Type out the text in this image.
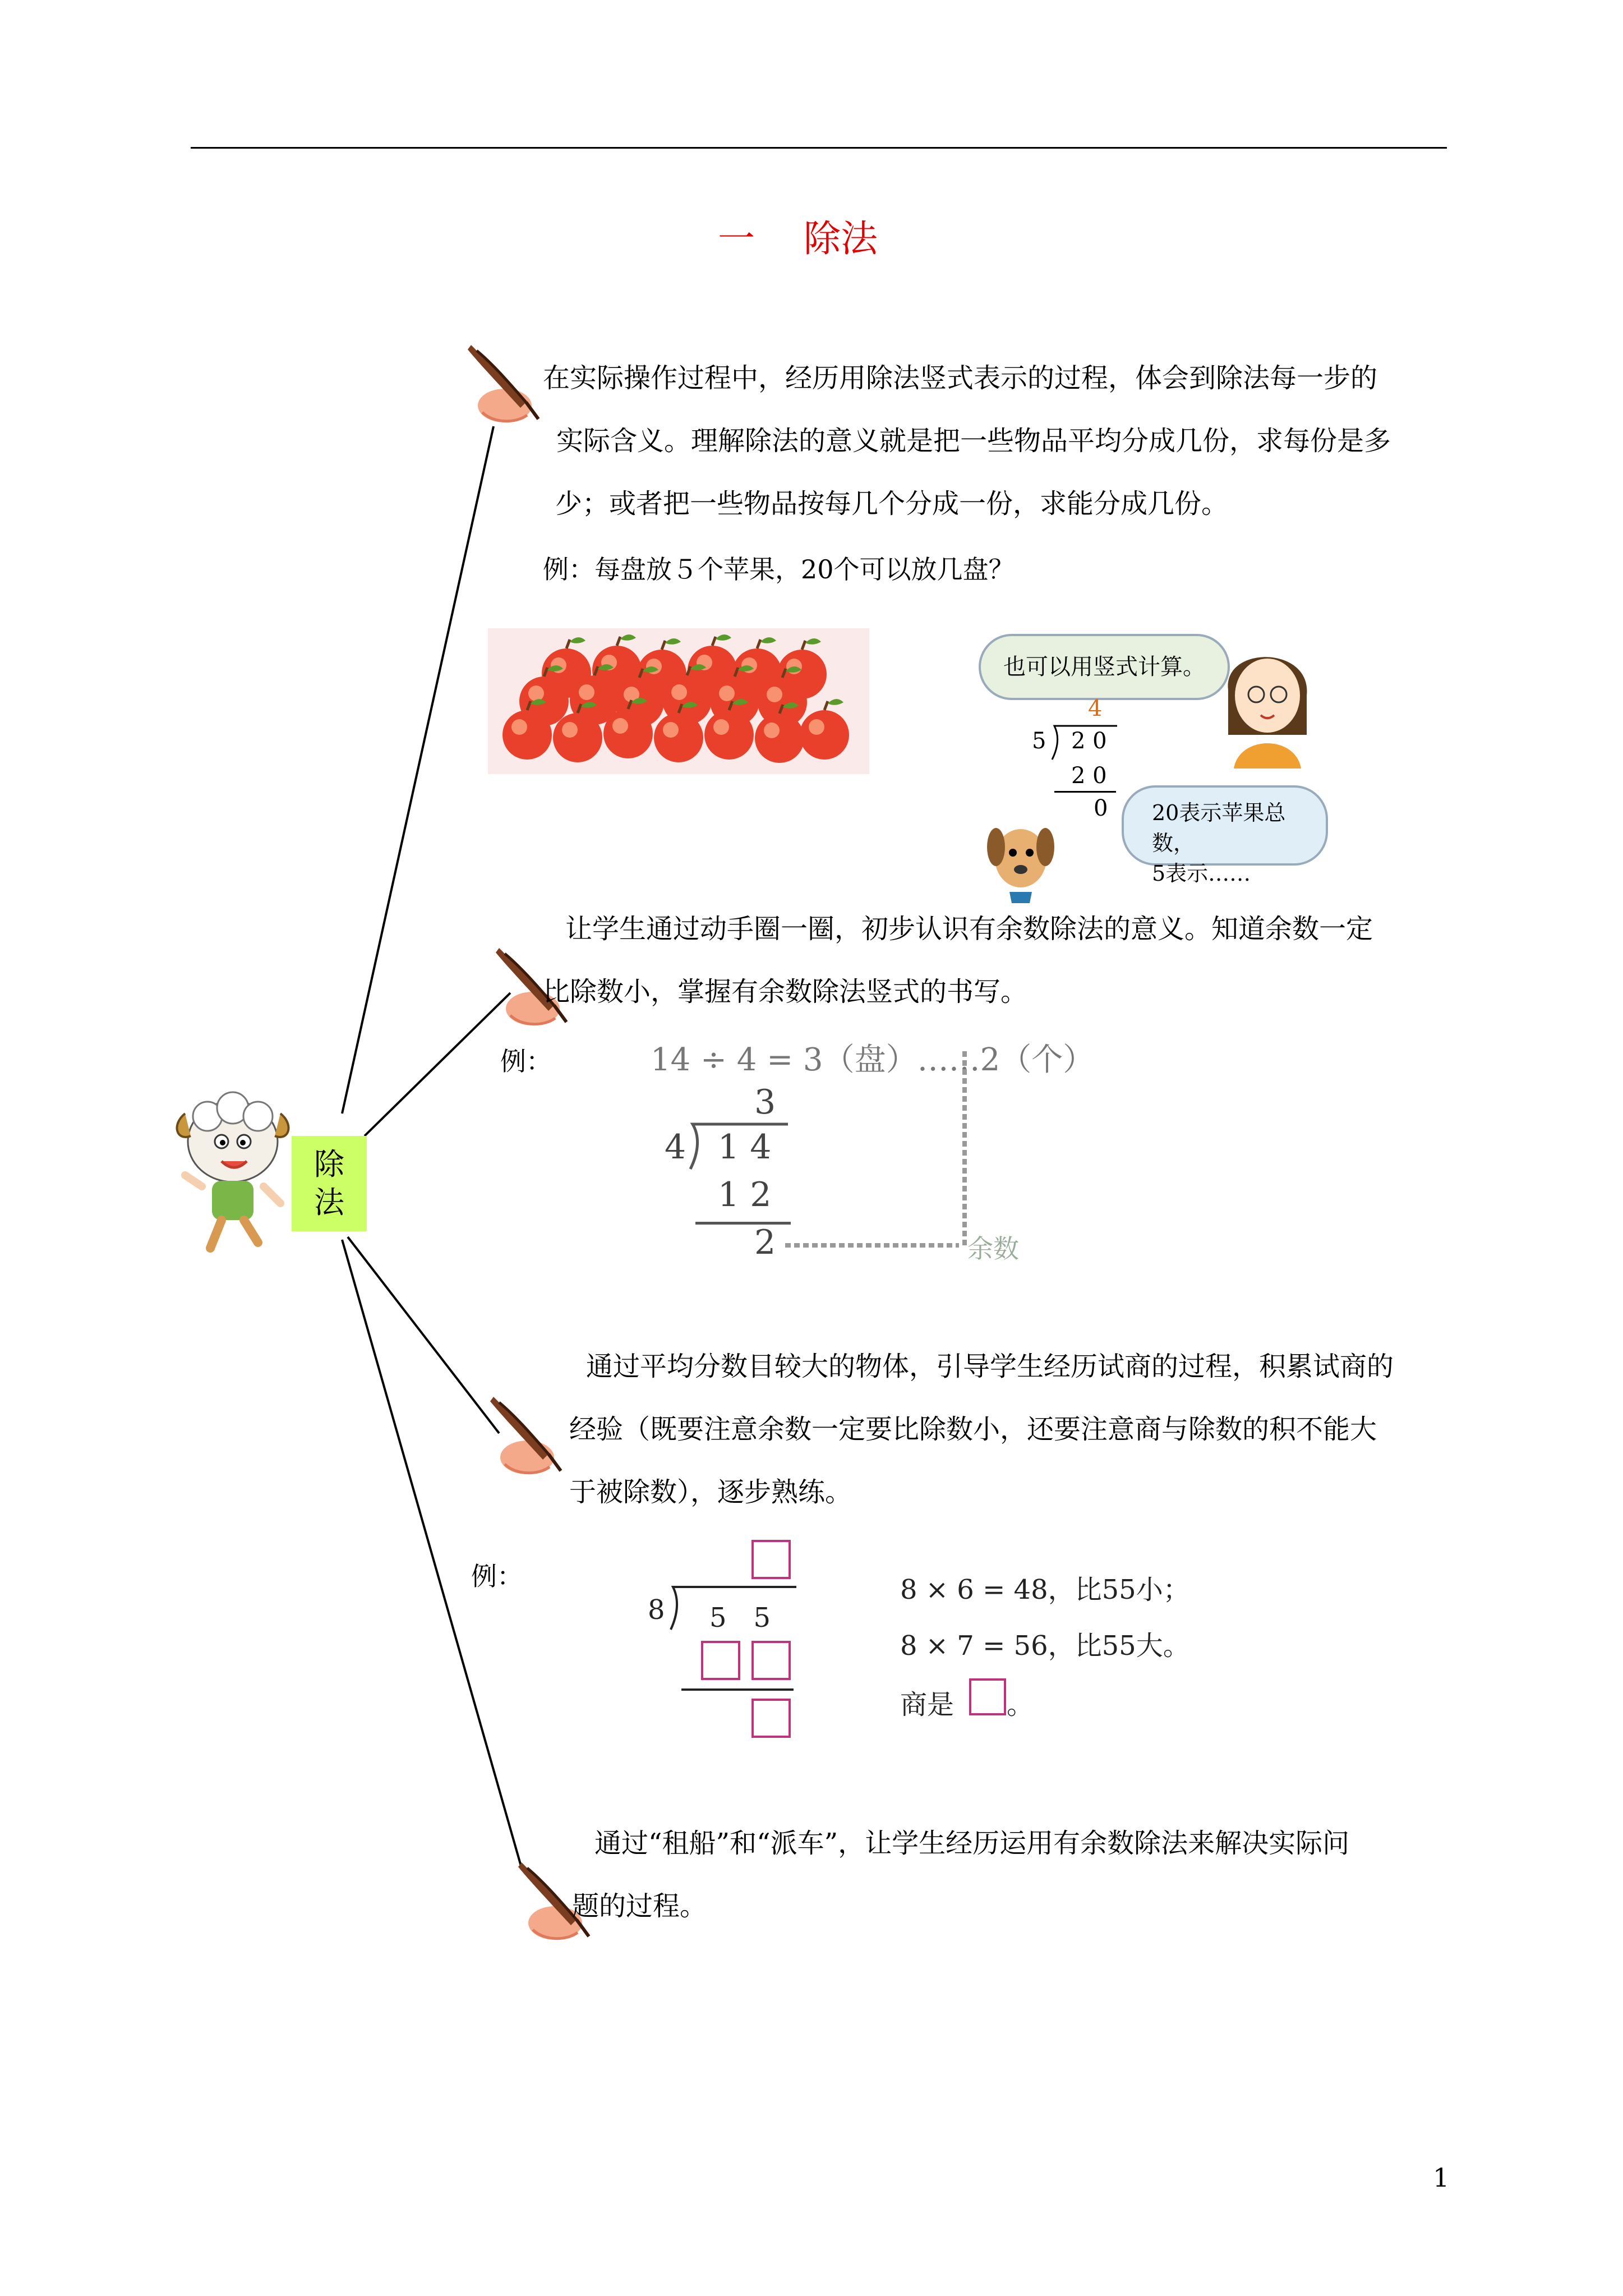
一　 除法
除
法
在实际操作过程中，经历用除法竖式表示的过程，体会到除法每一步的
实际含义。理解除法的意义就是把一些物品平均分成几份，求每份是多
少；或者把一些物品按每几个分成一份，求能分成几份。
例：每盘放５个苹果，20个可以放几盘？
也可以用竖式计算。
4
5 2 0
2 0
0	20表示苹果总数，
5表示……
让学生通过动手圈一圈，初步认识有余数除法的意义。知道余数一定
比除数小，掌握有余数除法竖式的书写。
例：	14 ÷ 4 = 3（盘）……2（个）
3
4 1 4
1 2
2	余数
通过平均分数目较大的物体，引导学生经历试商的过程，积累试商的
经验（既要注意余数一定要比除数小，还要注意商与除数的积不能大
于被除数），逐步熟练。
例：
8 5　5
8 × 6 = 48，比55小；
8 × 7 = 56，比55大。
商是 。
通过“租船”和“派车”，让学生经历运用有余数除法来解决实际问
题的过程。
1
